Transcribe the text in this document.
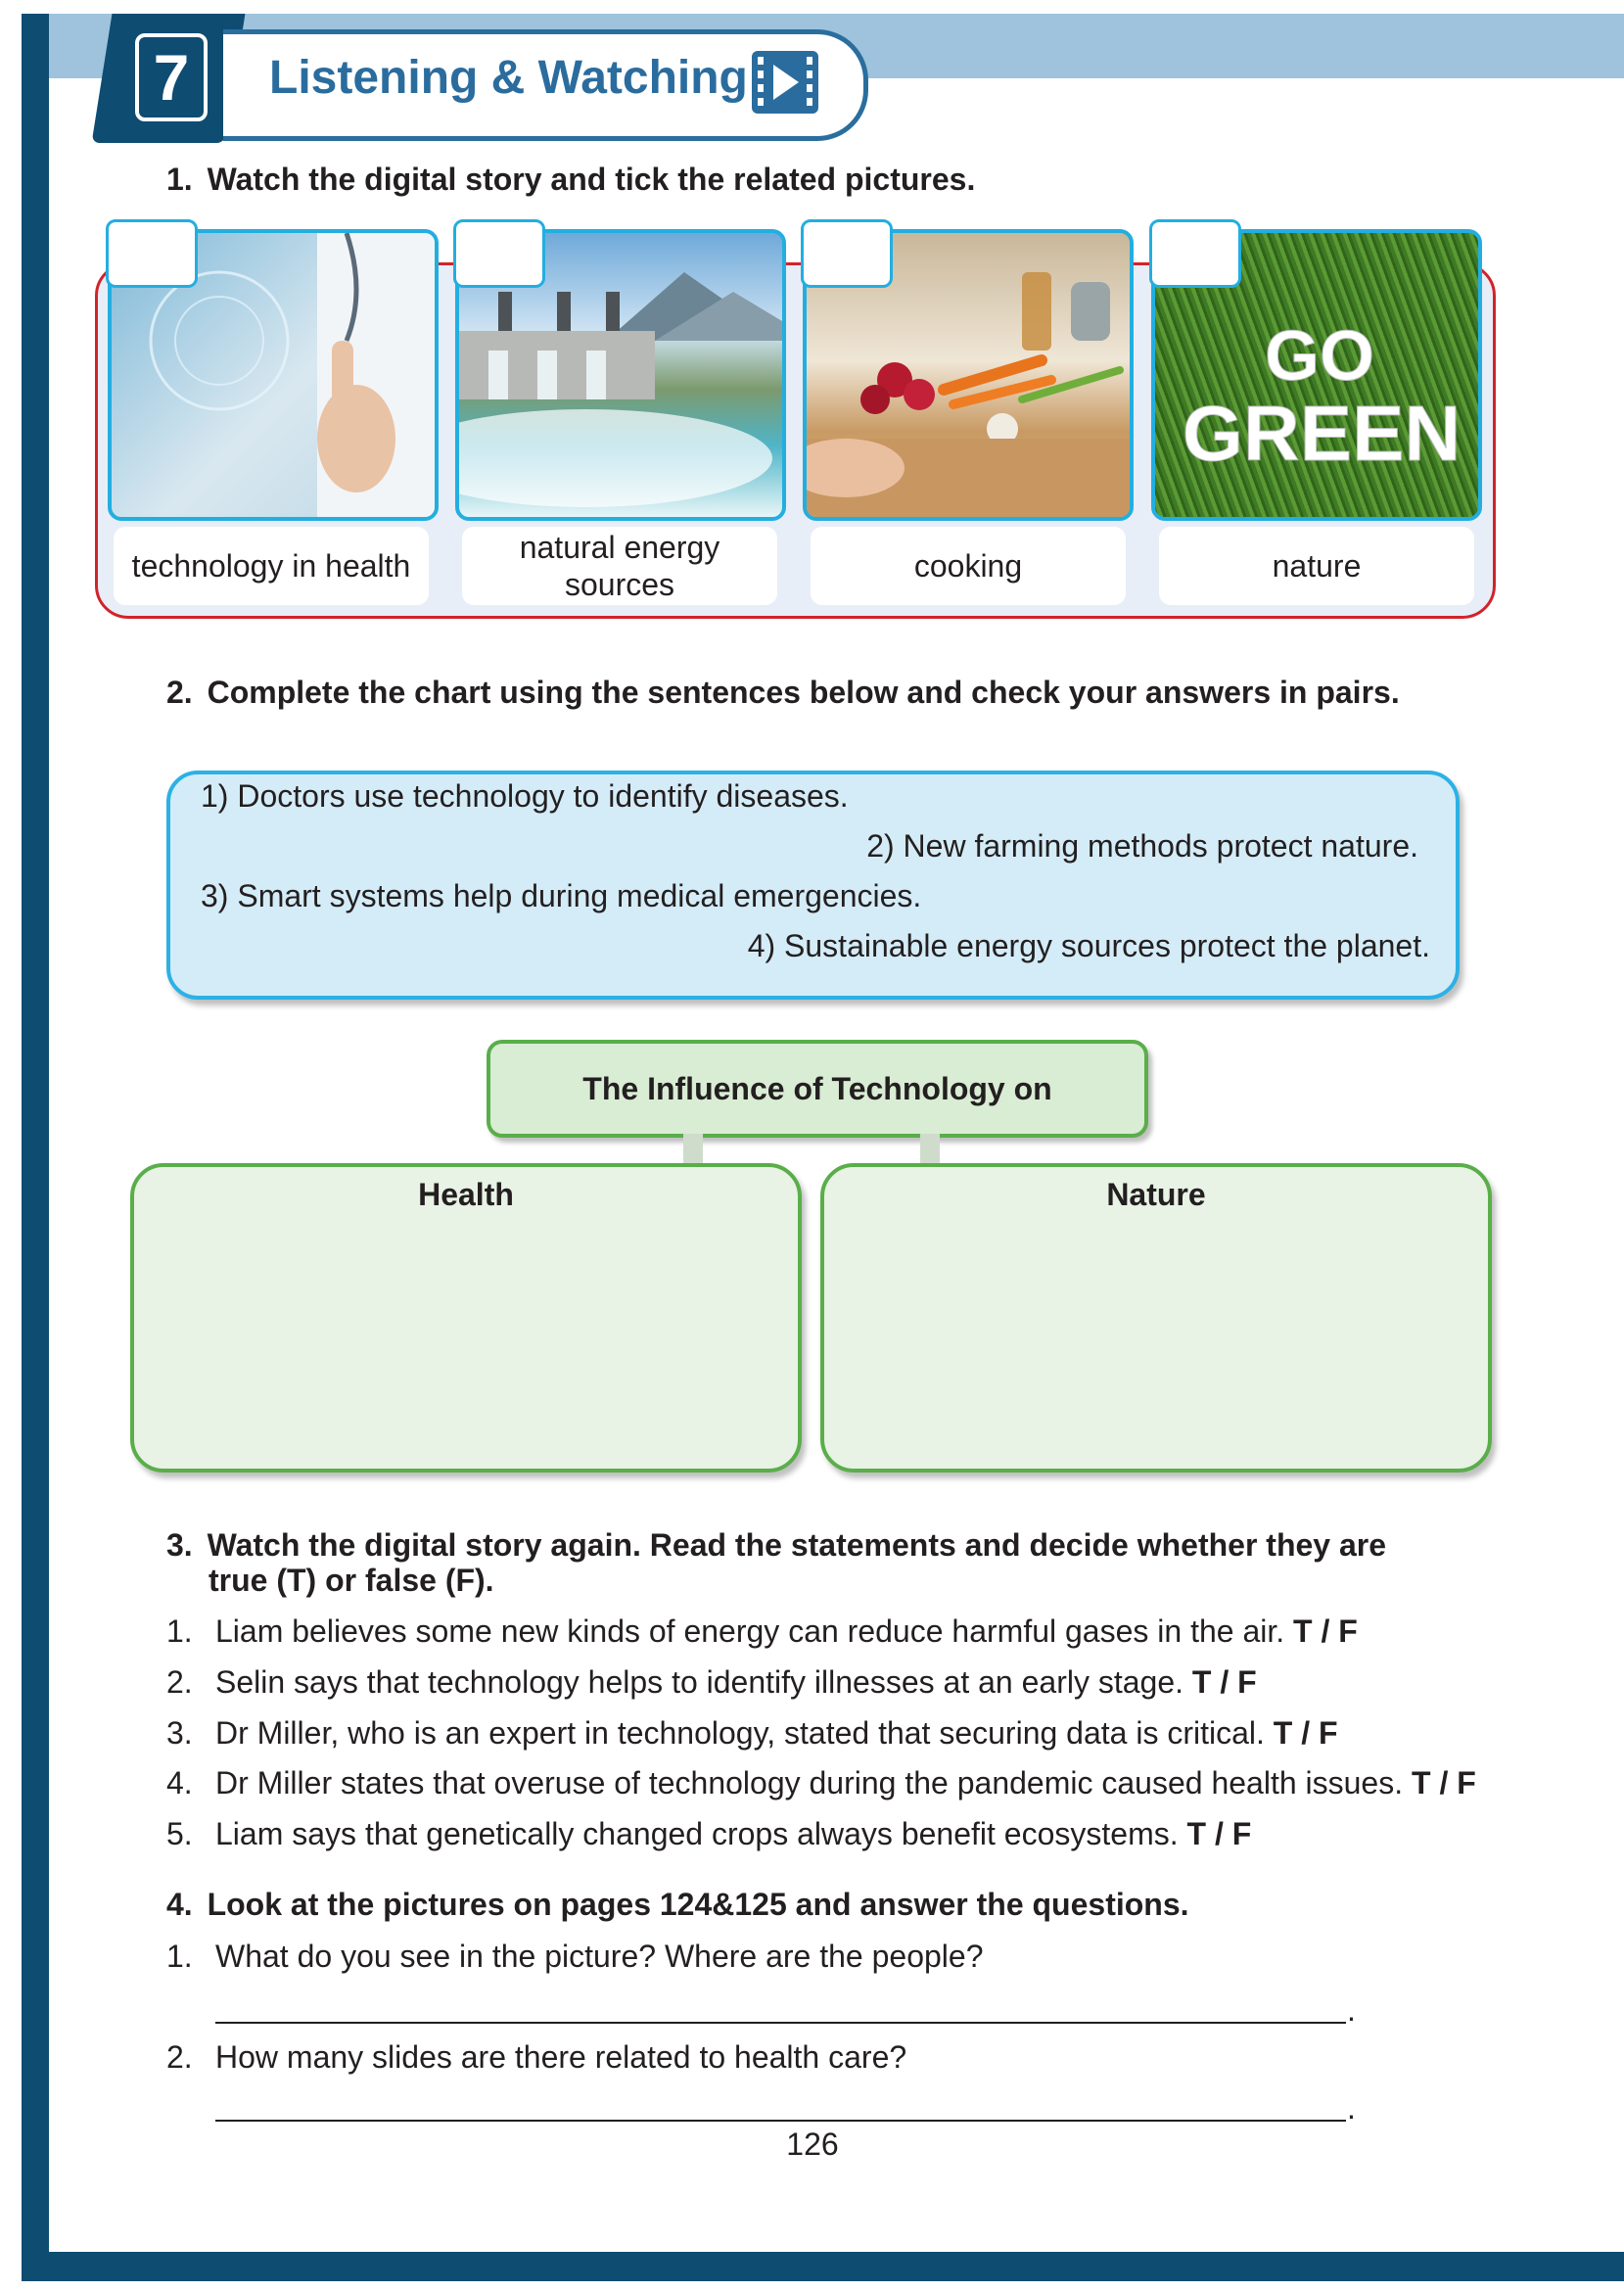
7	Listening & Watching
1. Watch the digital story and tick the related pictures.
GO
GREEN
technology in health
natural energy sources
cooking	nature
2. Complete the chart using the sentences below and check your answers in pairs.
1) Doctors use technology to identify diseases.
2) New farming methods protect nature.
3) Smart systems help during medical emergencies.
4) Sustainable energy sources protect the planet.
The Influence of Technology on
Health	Nature
3. Watch the digital story again. Read the statements and decide whether they are
true (T) or false (F).
1. Liam believes some new kinds of energy can reduce harmful gases in the air. T / F
2. Selin says that technology helps to identify illnesses at an early stage. T / F
3. Dr Miller, who is an expert in technology, stated that securing data is critical. T / F
4. Dr Miller states that overuse of technology during the pandemic caused health issues. T / F
5. Liam says that genetically changed crops always benefit ecosystems. T / F
4. Look at the pictures on pages 124&125 and answer the questions.
1. What do you see in the picture? Where are the people?
.
2. How many slides are there related to health care?
.
126
